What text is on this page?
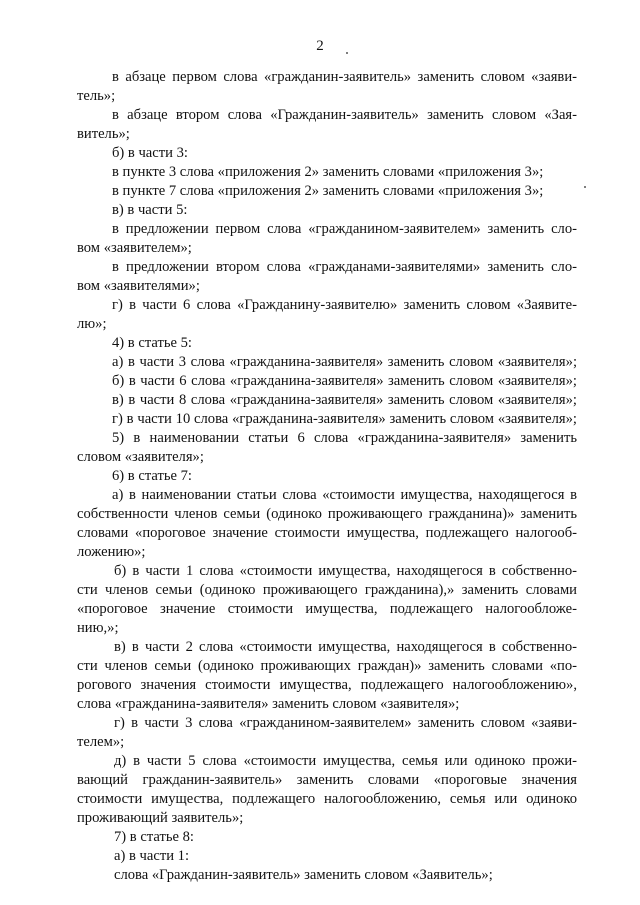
2
в абзаце первом слова «гражданин-заявитель» заменить словом «заяви-
тель»;
в абзаце втором слова «Гражданин-заявитель» заменить словом «Зая-
витель»;
б) в части 3:
в пункте 3 слова «приложения 2» заменить словами «приложения 3»;
в пункте 7 слова «приложения 2» заменить словами «приложения 3»;
в) в части 5:
в предложении первом слова «гражданином-заявителем» заменить сло-
вом «заявителем»;
в предложении втором слова «гражданами-заявителями» заменить сло-
вом «заявителями»;
г) в части 6 слова «Гражданину-заявителю» заменить словом «Заявите-
лю»;
4) в статье 5:
а) в части 3 слова «гражданина-заявителя» заменить словом «заявителя»;
б) в части 6 слова «гражданина-заявителя» заменить словом «заявителя»;
в) в части 8 слова «гражданина-заявителя» заменить словом «заявителя»;
г) в части 10 слова «гражданина-заявителя» заменить словом «заявителя»;
5) в наименовании статьи 6 слова «гражданина-заявителя» заменить
словом «заявителя»;
6) в статье 7:
а) в наименовании статьи слова «стоимости имущества, находящегося в
собственности членов семьи (одиноко проживающего гражданина)» заменить
словами «пороговое значение стоимости имущества, подлежащего налогооб-
ложению»;
б) в части 1 слова «стоимости имущества, находящегося в собственно-
сти членов семьи (одиноко проживающего гражданина),» заменить словами
«пороговое значение стоимости имущества, подлежащего налогообложе-
нию,»;
в) в части 2 слова «стоимости имущества, находящегося в собственно-
сти членов семьи (одиноко проживающих граждан)» заменить словами «по-
рогового значения стоимости имущества, подлежащего налогообложению»,
слова «гражданина-заявителя» заменить словом «заявителя»;
г) в части 3 слова «гражданином-заявителем» заменить словом «заяви-
телем»;
д) в части 5 слова «стоимости имущества, семья или одиноко прожи-
вающий гражданин-заявитель» заменить словами «пороговые значения
стоимости имущества, подлежащего налогообложению, семья или одиноко
проживающий заявитель»;
7) в статье 8:
а) в части 1:
слова «Гражданин-заявитель» заменить словом «Заявитель»;
